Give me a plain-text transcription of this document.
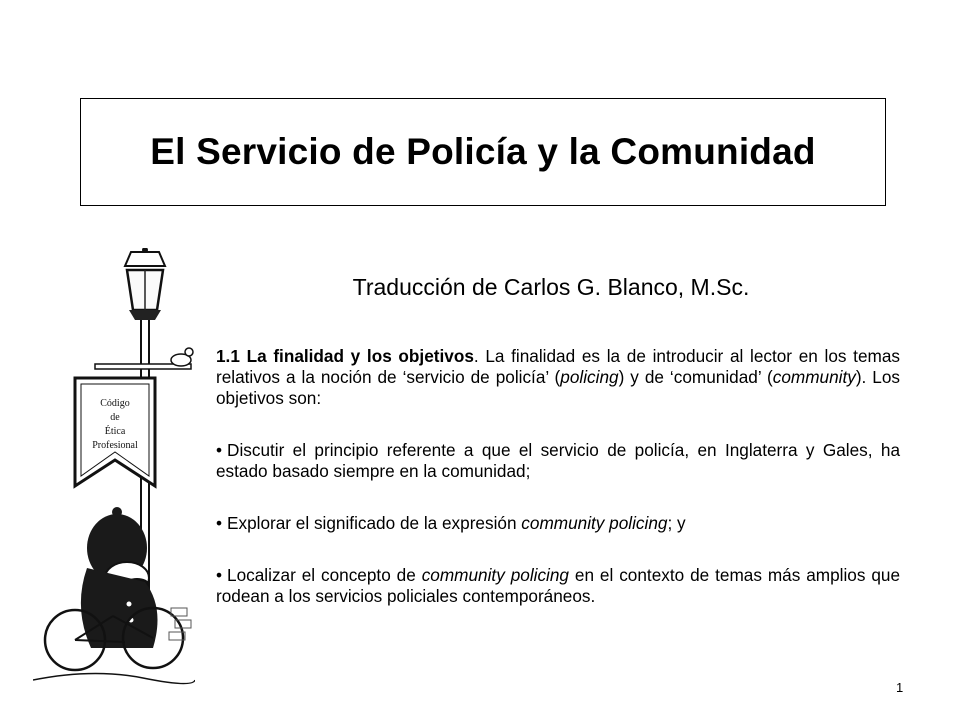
El Servicio de Policía y la Comunidad
Código
de
Ética
Profesional
Traducción de Carlos G. Blanco, M.Sc.

1.1 La finalidad y los objetivos. La finalidad es la de introducir al lector en los temas relativos a la noción de ‘servicio de policía’ (policing) y de ‘comunidad’ (community). Los objetivos son:

• Discutir el principio referente a que el servicio de policía, en Inglaterra y Gales, ha estado basado siempre en la comunidad;

• Explorar el significado de la expresión community policing; y

• Localizar el concepto de community policing en el contexto de temas más amplios que rodean a los servicios policiales contemporáneos.

1
